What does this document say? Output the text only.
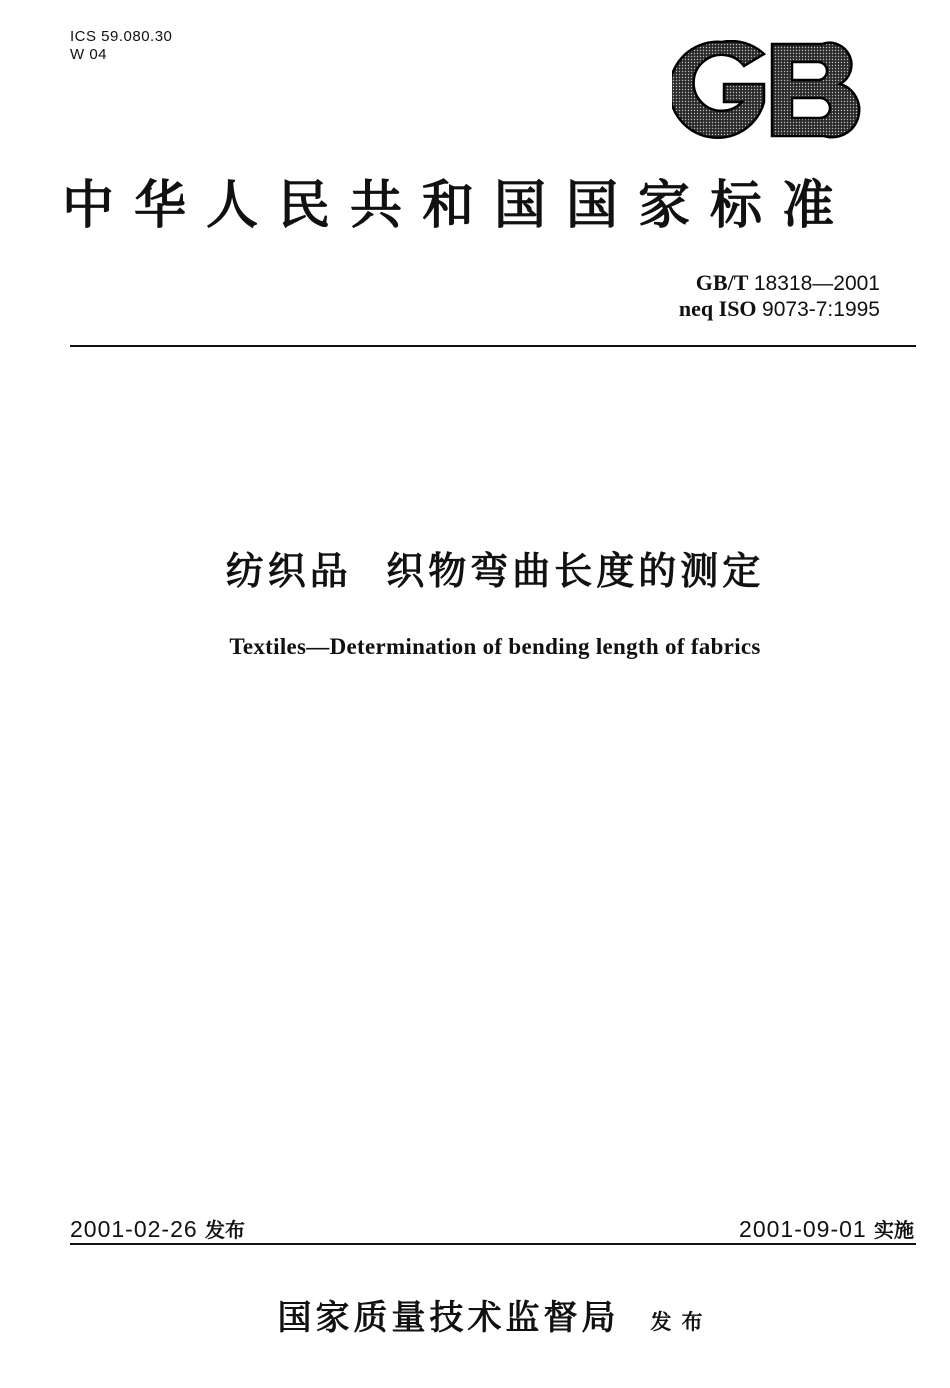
ICS 59.080.30
W 04
GB
中华人民共和国国家标准
GB/T 18318—2001
neq ISO 9073-7:1995
纺织品  织物弯曲长度的测定
Textiles—Determination of bending length of fabrics
2001-02-26 发布	2001-09-01 实施
国家质量技术监督局 发布
